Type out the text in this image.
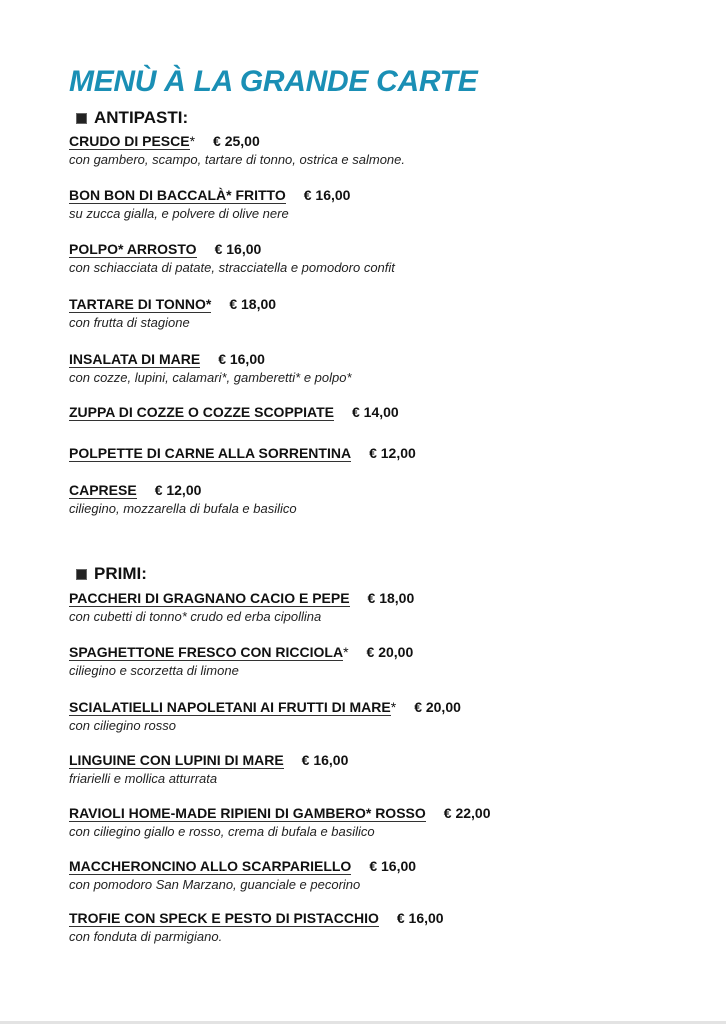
MENÙ À LA GRANDE CARTE
ANTIPASTI:
CRUDO DI PESCE* € 25,00
con gambero, scampo, tartare di tonno, ostrica e salmone.
BON BON DI BACCALÀ* FRITTO € 16,00
su zucca gialla, e polvere di olive nere
POLPO* ARROSTO € 16,00
con schiacciata di patate, stracciatella e pomodoro confit
TARTARE DI TONNO* € 18,00
con frutta di stagione
INSALATA DI MARE € 16,00
con cozze, lupini, calamari*, gamberetti* e polpo*
ZUPPA DI COZZE O COZZE SCOPPIATE € 14,00
POLPETTE DI CARNE ALLA SORRENTINA € 12,00
CAPRESE € 12,00
ciliegino, mozzarella di bufala e basilico
PRIMI:
PACCHERI DI GRAGNANO CACIO E PEPE € 18,00
con cubetti di tonno* crudo ed erba cipollina
SPAGHETTONE FRESCO CON RICCIOLA* € 20,00
ciliegino e scorzetta di limone
SCIALATIELLI NAPOLETANI AI FRUTTI DI MARE* € 20,00
con ciliegino rosso
LINGUINE CON LUPINI DI MARE € 16,00
friarielli e mollica atturrata
RAVIOLI HOME-MADE RIPIENI DI GAMBERO* ROSSO € 22,00
con ciliegino giallo e rosso, crema di bufala e basilico
MACCHERONCINO ALLO SCARPARIELLO € 16,00
con pomodoro San Marzano, guanciale e pecorino
TROFIE CON SPECK E PESTO DI PISTACCHIO € 16,00
con fonduta di parmigiano.
